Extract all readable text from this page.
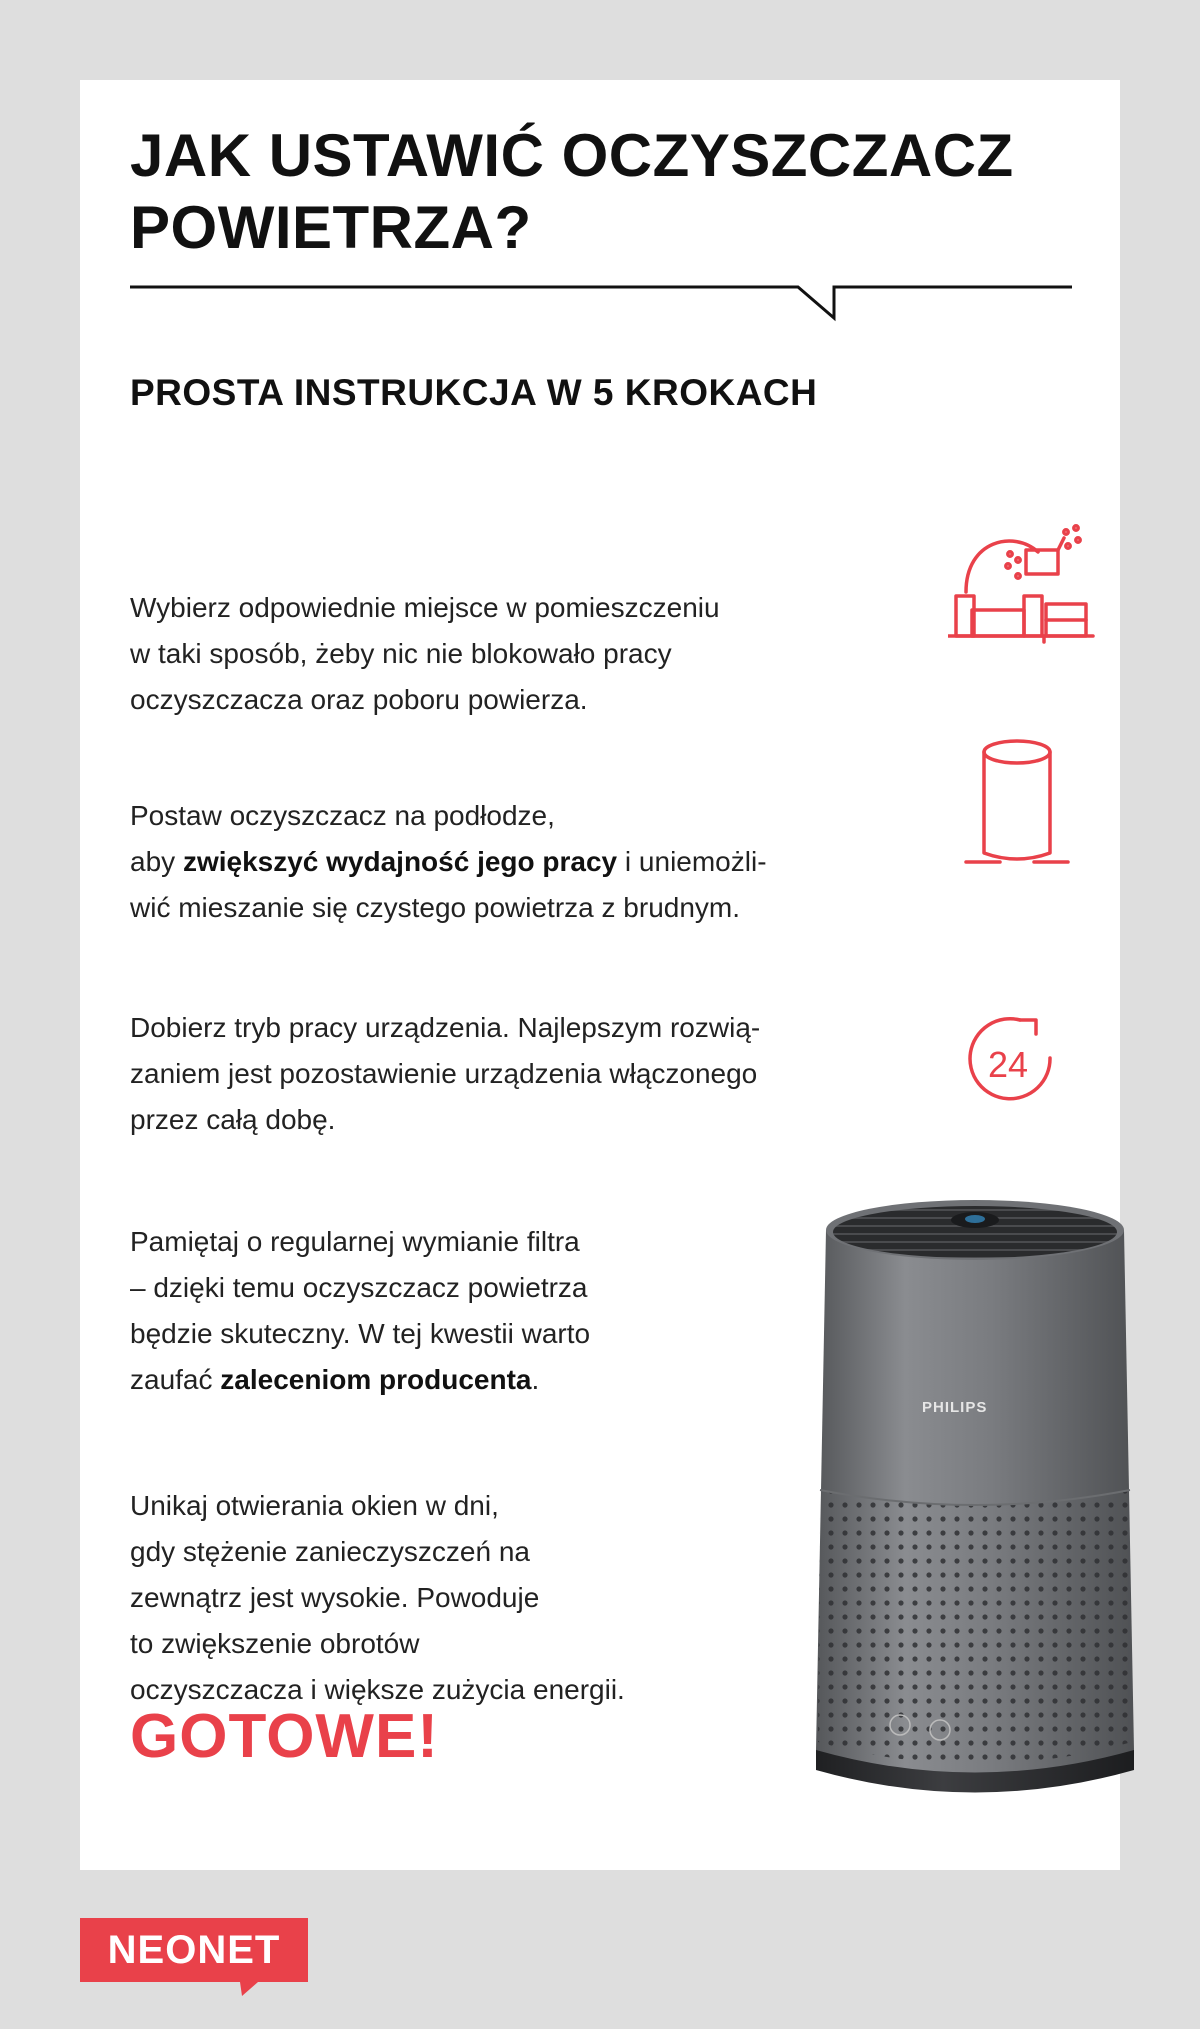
JAK USTAWIĆ OCZYSZCZACZ
POWIETRZA?
PROSTA INSTRUKCJA W 5 KROKACH

Wybierz odpowiednie miejsce w pomieszczeniu
w taki sposób, żeby nic nie blokowało pracy
oczyszczacza oraz poboru powierza.

Postaw oczyszczacz na podłodze,
aby zwiększyć wydajność jego pracy i uniemożli-
wić mieszanie się czystego powietrza z brudnym.

Dobierz tryb pracy urządzenia. Najlepszym rozwią-
zaniem jest pozostawienie urządzenia włączonego
przez całą dobę.

24

Pamiętaj o regularnej wymianie filtra
– dzięki temu oczyszczacz powietrza
będzie skuteczny. W tej kwestii warto
zaufać zaleceniom producenta.

Unikaj otwierania okien w dni,
gdy stężenie zanieczyszczeń na
zewnątrz jest wysokie. Powoduje
to zwiększenie obrotów
oczyszczacza i większe zużycia energii.

GOTOWE!
PHILIPS
NEONET
